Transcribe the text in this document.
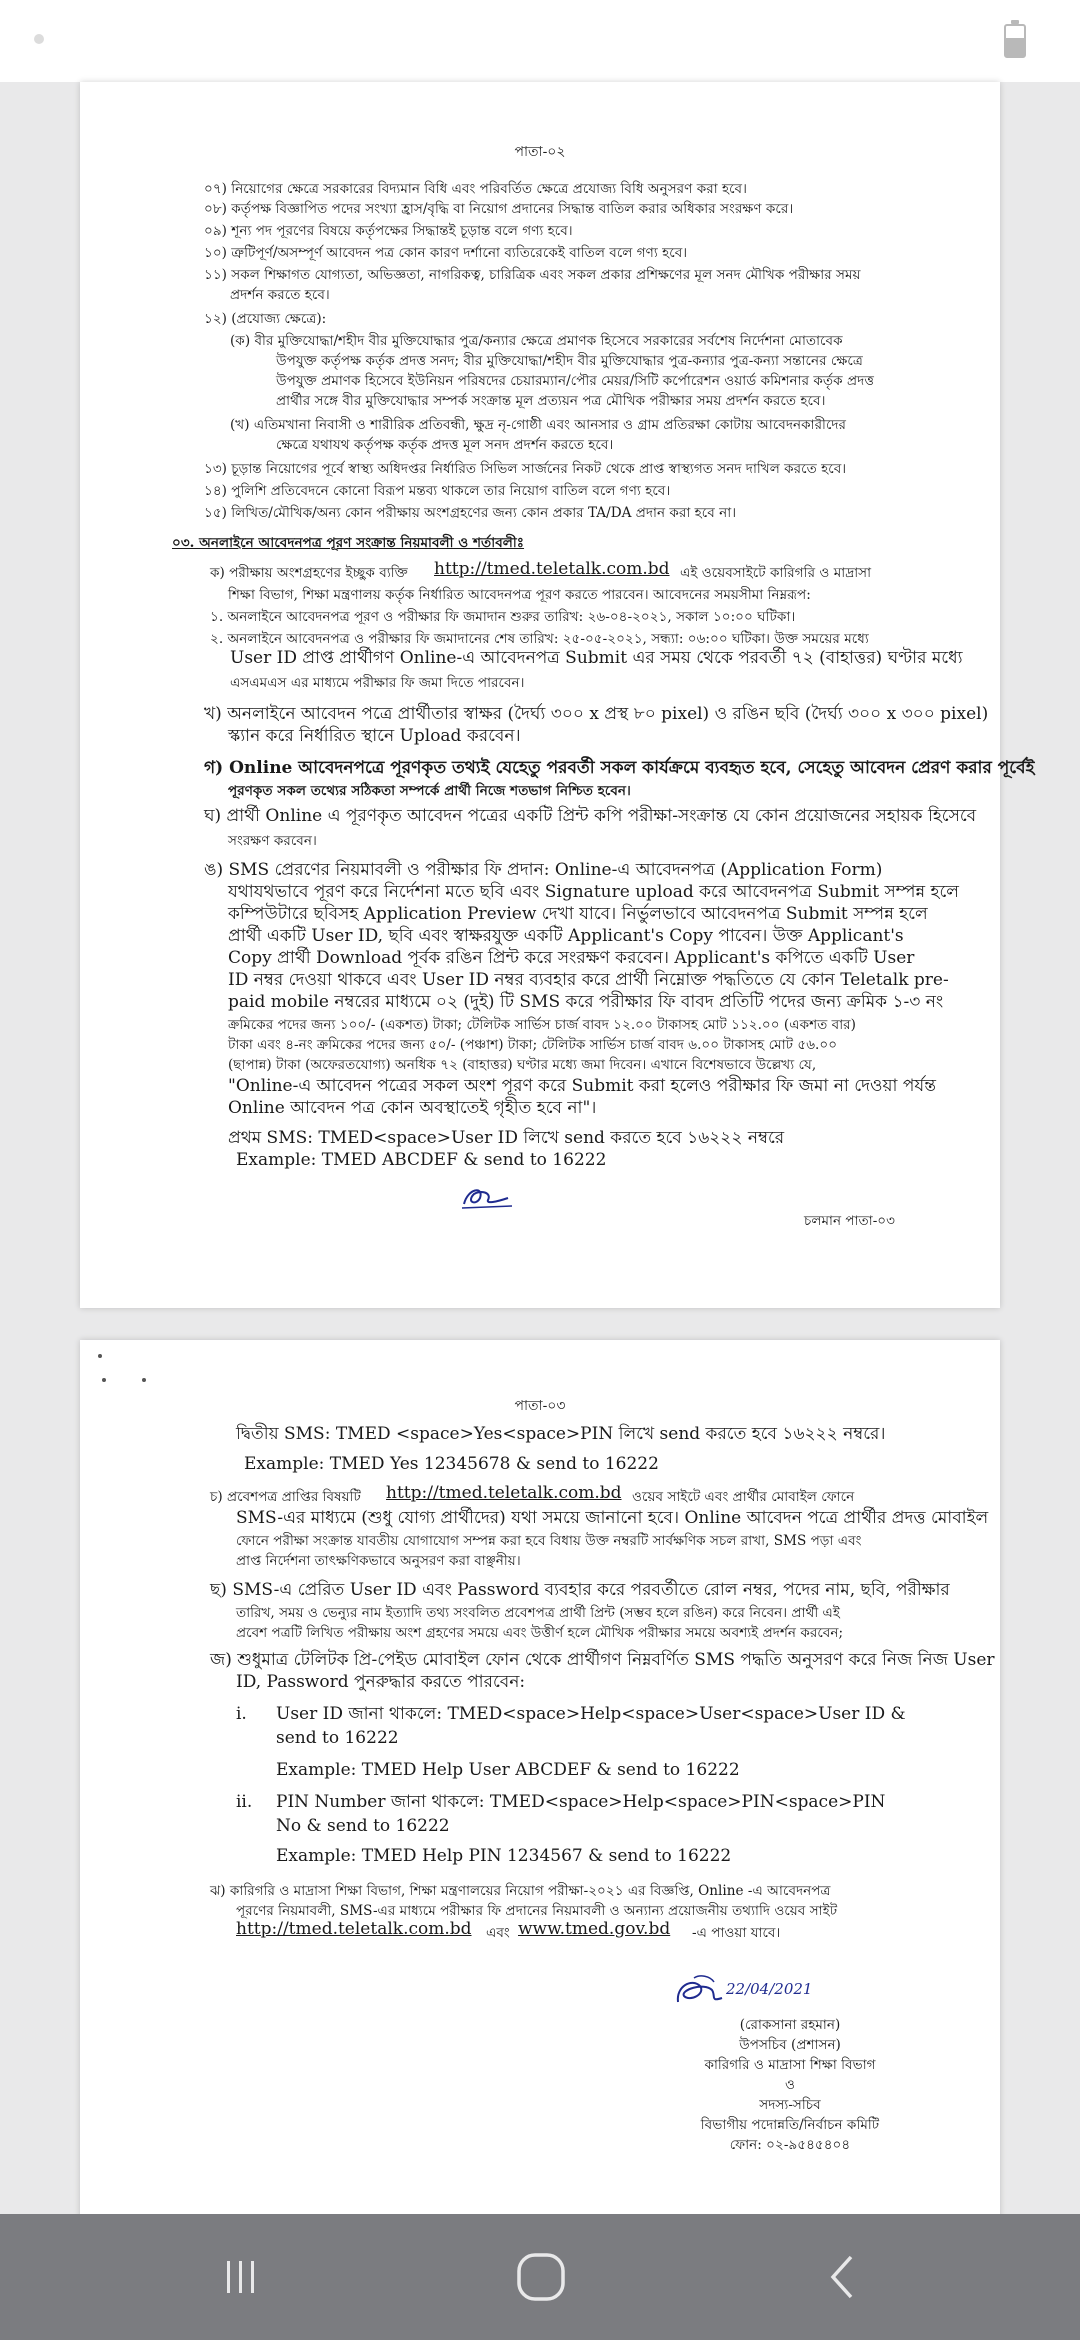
পাতা-০২
০৭) নিয়োগের ক্ষেত্রে সরকারের বিদ্যমান বিধি এবং পরিবর্তিত ক্ষেত্রে প্রযোজ্য বিধি অনুসরণ করা হবে।
০৮) কর্তৃপক্ষ বিজ্ঞাপিত পদের সংখ্যা হ্রাস/বৃদ্ধি বা নিয়োগ প্রদানের সিদ্ধান্ত বাতিল করার অধিকার সংরক্ষণ করে।
০৯) শূন্য পদ পূরণের বিষয়ে কর্তৃপক্ষের সিদ্ধান্তই চূড়ান্ত বলে গণ্য হবে।
১০) ত্রুটিপূর্ণ/অসম্পূর্ণ আবেদন পত্র কোন কারণ দর্শানো ব্যতিরেকেই বাতিল বলে গণ্য হবে।
১১) সকল শিক্ষাগত যোগ্যতা, অভিজ্ঞতা, নাগরিকত্ব, চারিত্রিক এবং সকল প্রকার প্রশিক্ষণের মূল সনদ মৌখিক পরীক্ষার সময়
প্রদর্শন করতে হবে।
১২) (প্রযোজ্য ক্ষেত্রে):
(ক) বীর মুক্তিযোদ্ধা/শহীদ বীর মুক্তিযোদ্ধার পুত্র/কন্যার ক্ষেত্রে প্রমাণক হিসেবে সরকারের সর্বশেষ নির্দেশনা মোতাবেক
উপযুক্ত কর্তৃপক্ষ কর্তৃক প্রদত্ত সনদ; বীর মুক্তিযোদ্ধা/শহীদ বীর মুক্তিযোদ্ধার পুত্র-কন্যার পুত্র-কন্যা সন্তানের ক্ষেত্রে
উপযুক্ত প্রমাণক হিসেবে ইউনিয়ন পরিষদের চেয়ারম্যান/পৌর মেয়র/সিটি কর্পোরেশন ওয়ার্ড কমিশনার কর্তৃক প্রদত্ত
প্রার্থীর সঙ্গে বীর মুক্তিযোদ্ধার সম্পর্ক সংক্রান্ত মূল প্রত্যয়ন পত্র মৌখিক পরীক্ষার সময় প্রদর্শন করতে হবে।
(খ) এতিমখানা নিবাসী ও শারীরিক প্রতিবন্ধী, ক্ষুদ্র নৃ-গোষ্ঠী এবং আনসার ও গ্রাম প্রতিরক্ষা কোটায় আবেদনকারীদের
ক্ষেত্রে যথাযথ কর্তৃপক্ষ কর্তৃক প্রদত্ত মূল সনদ প্রদর্শন করতে হবে।
১৩) চূড়ান্ত নিয়োগের পূর্বে স্বাস্থ্য অধিদপ্তর নির্ধারিত সিভিল সার্জনের নিকট থেকে প্রাপ্ত স্বাস্থ্যগত সনদ দাখিল করতে হবে।
১৪) পুলিশি প্রতিবেদনে কোনো বিরূপ মন্তব্য থাকলে তার নিয়োগ বাতিল বলে গণ্য হবে।
১৫) লিখিত/মৌখিক/অন্য কোন পরীক্ষায় অংশগ্রহণের জন্য কোন প্রকার TA/DA প্রদান করা হবে না।
০৩. অনলাইনে আবেদনপত্র পূরণ সংক্রান্ত নিয়মাবলী ও শর্তাবলীঃ
ক) পরীক্ষায় অংশগ্রহণের ইচ্ছুক ব্যক্তি http://tmed.teletalk.com.bd এই ওয়েবসাইটে কারিগরি ও মাদ্রাসা
শিক্ষা বিভাগ, শিক্ষা মন্ত্রণালয় কর্তৃক নির্ধারিত আবেদনপত্র পূরণ করতে পারবেন। আবেদনের সময়সীমা নিম্নরূপ:
১. অনলাইনে আবেদনপত্র পূরণ ও পরীক্ষার ফি জমাদান শুরুর তারিখ: ২৬-০৪-২০২১, সকাল ১০:০০ ঘটিকা।
২. অনলাইনে আবেদনপত্র ও পরীক্ষার ফি জমাদানের শেষ তারিখ: ২৫-০৫-২০২১, সন্ধ্যা: ০৬:০০ ঘটিকা। উক্ত সময়ের মধ্যে
User ID প্রাপ্ত প্রার্থীগণ Online-এ আবেদনপত্র Submit এর সময় থেকে পরবর্তী ৭২ (বাহাত্তর) ঘণ্টার মধ্যে
এসএমএস এর মাধ্যমে পরীক্ষার ফি জমা দিতে পারবেন।
খ) অনলাইনে আবেদন পত্রে প্রার্থীতার স্বাক্ষর (দৈর্ঘ্য ৩০০ x প্রস্থ ৮০ pixel) ও রঙিন ছবি (দৈর্ঘ্য ৩০০ x ৩০০ pixel)
স্ক্যান করে নির্ধারিত স্থানে Upload করবেন।
গ) Online আবেদনপত্রে পূরণকৃত তথ্যই যেহেতু পরবর্তী সকল কার্যক্রমে ব্যবহৃত হবে, সেহেতু আবেদন প্রেরণ করার পূর্বেই
পূরণকৃত সকল তথ্যের সঠিকতা সম্পর্কে প্রার্থী নিজে শতভাগ নিশ্চিত হবেন।
ঘ) প্রার্থী Online এ পূরণকৃত আবেদন পত্রের একটি প্রিন্ট কপি পরীক্ষা-সংক্রান্ত যে কোন প্রয়োজনের সহায়ক হিসেবে
সংরক্ষণ করবেন।
ঙ) SMS প্রেরণের নিয়মাবলী ও পরীক্ষার ফি প্রদান: Online-এ আবেদনপত্র (Application Form)
যথাযথভাবে পূরণ করে নির্দেশনা মতে ছবি এবং Signature upload করে আবেদনপত্র Submit সম্পন্ন হলে
কম্পিউটারে ছবিসহ Application Preview দেখা যাবে। নির্ভুলভাবে আবেদনপত্র Submit সম্পন্ন হলে
প্রার্থী একটি User ID, ছবি এবং স্বাক্ষরযুক্ত একটি Applicant's Copy পাবেন। উক্ত Applicant's
Copy প্রার্থী Download পূর্বক রঙিন প্রিন্ট করে সংরক্ষণ করবেন। Applicant's কপিতে একটি User
ID নম্বর দেওয়া থাকবে এবং User ID নম্বর ব্যবহার করে প্রার্থী নিম্নোক্ত পদ্ধতিতে যে কোন Teletalk pre-
paid mobile নম্বরের মাধ্যমে ০২ (দুই) টি SMS করে পরীক্ষার ফি বাবদ প্রতিটি পদের জন্য ক্রমিক ১-৩ নং
ক্রমিকের পদের জন্য ১০০/- (একশত) টাকা; টেলিটক সার্ভিস চার্জ বাবদ ১২.০০ টাকাসহ মোট ১১২.০০ (একশত বার)
টাকা এবং ৪-নং ক্রমিকের পদের জন্য ৫০/- (পঞ্চাশ) টাকা; টেলিটক সার্ভিস চার্জ বাবদ ৬.০০ টাকাসহ মোট ৫৬.০০
(ছাপান্ন) টাকা (অফেরতযোগ্য) অনধিক ৭২ (বাহাত্তর) ঘণ্টার মধ্যে জমা দিবেন। এখানে বিশেষভাবে উল্লেখ্য যে,
"Online-এ আবেদন পত্রের সকল অংশ পূরণ করে Submit করা হলেও পরীক্ষার ফি জমা না দেওয়া পর্যন্ত
Online আবেদন পত্র কোন অবস্থাতেই গৃহীত হবে না"।
প্রথম SMS: TMED<space>User ID লিখে send করতে হবে ১৬২২২ নম্বরে
Example: TMED ABCDEF & send to 16222
চলমান পাতা-০৩
পাতা-০৩
দ্বিতীয় SMS: TMED <space>Yes<space>PIN লিখে send করতে হবে ১৬২২২ নম্বরে।
Example: TMED Yes 12345678 & send to 16222
চ) প্রবেশপত্র প্রাপ্তির বিষয়টি http://tmed.teletalk.com.bd ওয়েব সাইটে এবং প্রার্থীর মোবাইল ফোনে
SMS-এর মাধ্যমে (শুধু যোগ্য প্রার্থীদের) যথা সময়ে জানানো হবে। Online আবেদন পত্রে প্রার্থীর প্রদত্ত মোবাইল
ফোনে পরীক্ষা সংক্রান্ত যাবতীয় যোগাযোগ সম্পন্ন করা হবে বিধায় উক্ত নম্বরটি সার্বক্ষণিক সচল রাখা, SMS পড়া এবং
প্রাপ্ত নির্দেশনা তাৎক্ষণিকভাবে অনুসরণ করা বাঞ্ছনীয়।
ছ) SMS-এ প্রেরিত User ID এবং Password ব্যবহার করে পরবর্তীতে রোল নম্বর, পদের নাম, ছবি, পরীক্ষার
তারিখ, সময় ও ভেন্যুর নাম ইত্যাদি তথ্য সংবলিত প্রবেশপত্র প্রার্থী প্রিন্ট (সম্ভব হলে রঙিন) করে নিবেন। প্রার্থী এই
প্রবেশ পত্রটি লিখিত পরীক্ষায় অংশ গ্রহণের সময়ে এবং উত্তীর্ণ হলে মৌখিক পরীক্ষার সময়ে অবশ্যই প্রদর্শন করবেন;
জ) শুধুমাত্র টেলিটক প্রি-পেইড মোবাইল ফোন থেকে প্রার্থীগণ নিম্নবর্ণিত SMS পদ্ধতি অনুসরণ করে নিজ নিজ User
ID, Password পুনরুদ্ধার করতে পারবেন:
i. User ID জানা থাকলে: TMED<space>Help<space>User<space>User ID &
send to 16222
Example: TMED Help User ABCDEF & send to 16222
ii. PIN Number জানা থাকলে: TMED<space>Help<space>PIN<space>PIN
No & send to 16222
Example: TMED Help PIN 1234567 & send to 16222
ঝ) কারিগরি ও মাদ্রাসা শিক্ষা বিভাগ, শিক্ষা মন্ত্রণালয়ের নিয়োগ পরীক্ষা-২০২১ এর বিজ্ঞপ্তি, Online -এ আবেদনপত্র
পূরণের নিয়মাবলী, SMS-এর মাধ্যমে পরীক্ষার ফি প্রদানের নিয়মাবলী ও অন্যান্য প্রয়োজনীয় তথ্যাদি ওয়েব সাইট
http://tmed.teletalk.com.bd এবং www.tmed.gov.bd -এ পাওয়া যাবে।
22/04/2021
(রোকসানা রহমান)
উপসচিব (প্রশাসন)
কারিগরি ও মাদ্রাসা শিক্ষা বিভাগ
ও
সদস্য-সচিব
বিভাগীয় পদোন্নতি/নির্বাচন কমিটি
ফোন: ০২-৯৫৪৫৪০৪
